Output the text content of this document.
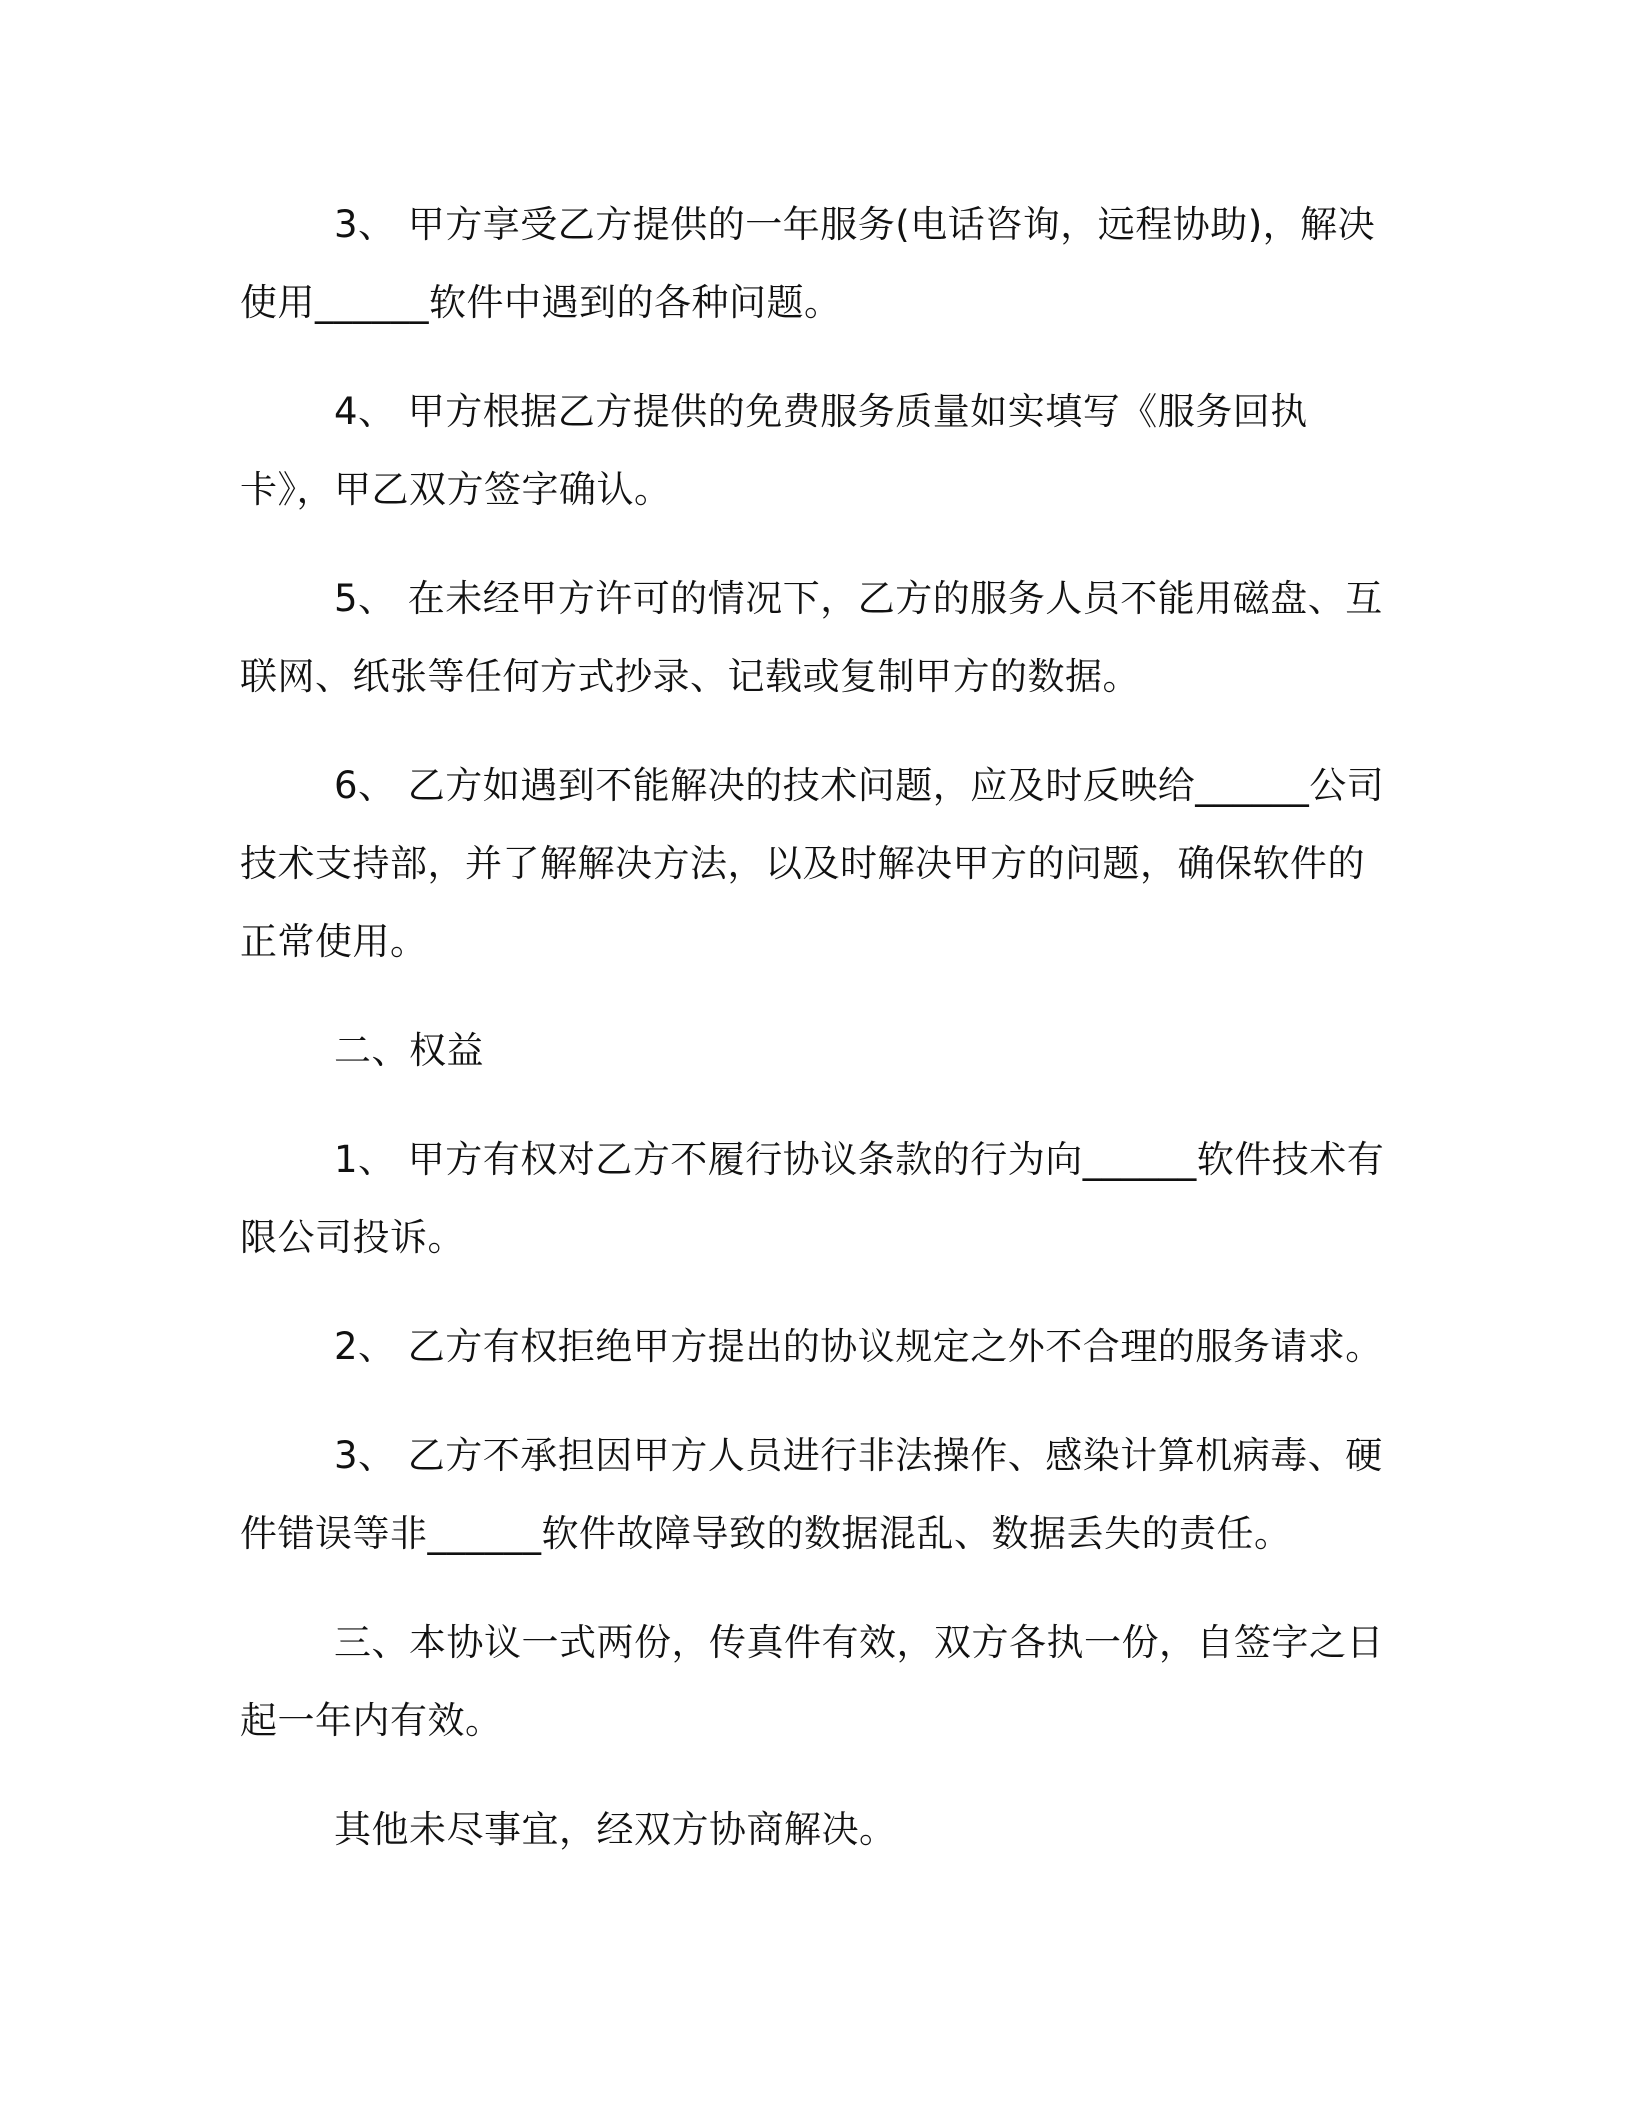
3、 甲方享受乙方提供的一年服务(电话咨询，远程协助)，解决使用______软件中遇到的各种问题。

4、 甲方根据乙方提供的免费服务质量如实填写《服务回执卡》，甲乙双方签字确认。

5、 在未经甲方许可的情况下，乙方的服务人员不能用磁盘、互联网、纸张等任何方式抄录、记载或复制甲方的数据。

6、 乙方如遇到不能解决的技术问题，应及时反映给______公司技术支持部，并了解解决方法，以及时解决甲方的问题，确保软件的正常使用。

二、权益

1、 甲方有权对乙方不履行协议条款的行为向______软件技术有限公司投诉。

2、 乙方有权拒绝甲方提出的协议规定之外不合理的服务请求。

3、 乙方不承担因甲方人员进行非法操作、感染计算机病毒、硬件错误等非______软件故障导致的数据混乱、数据丢失的责任。

三、本协议一式两份，传真件有效，双方各执一份，自签字之日起一年内有效。

其他未尽事宜，经双方协商解决。
